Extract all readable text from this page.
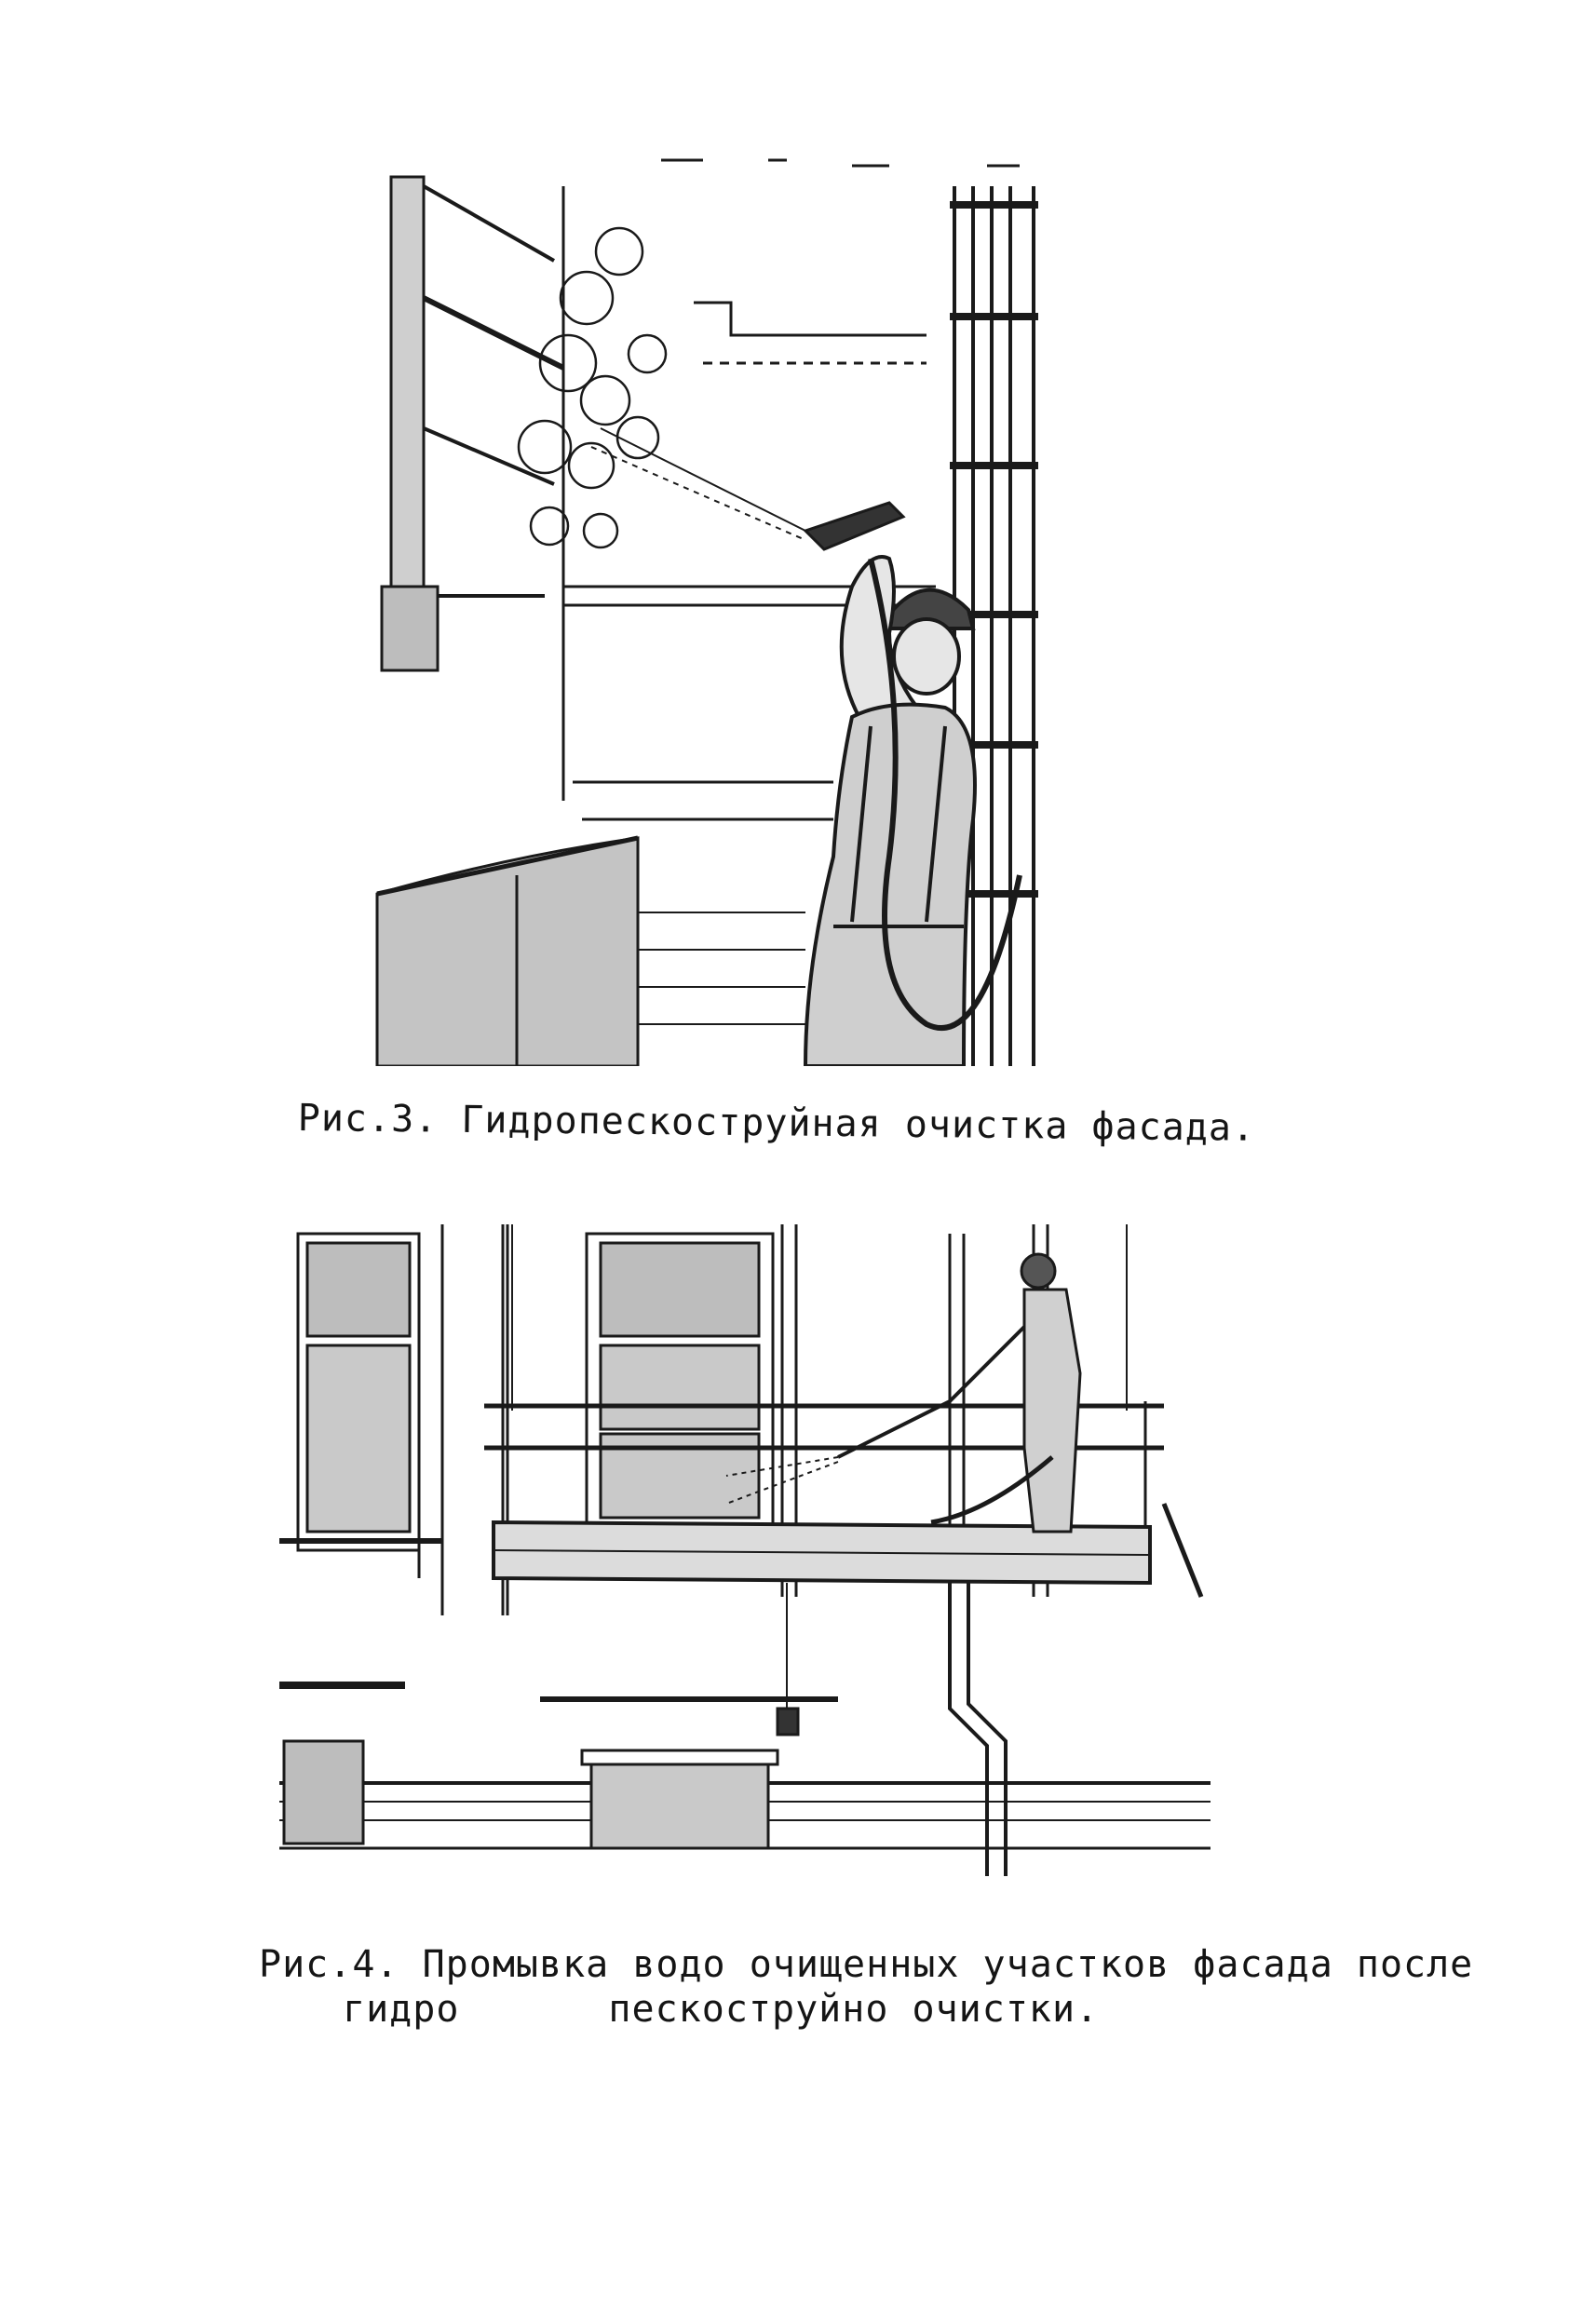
Рис.3. Гидропескоструйная очистка фасада.
Рис.4. Промывка водо очищенных участков фасада после
гидро	пескоструйно очистки.
